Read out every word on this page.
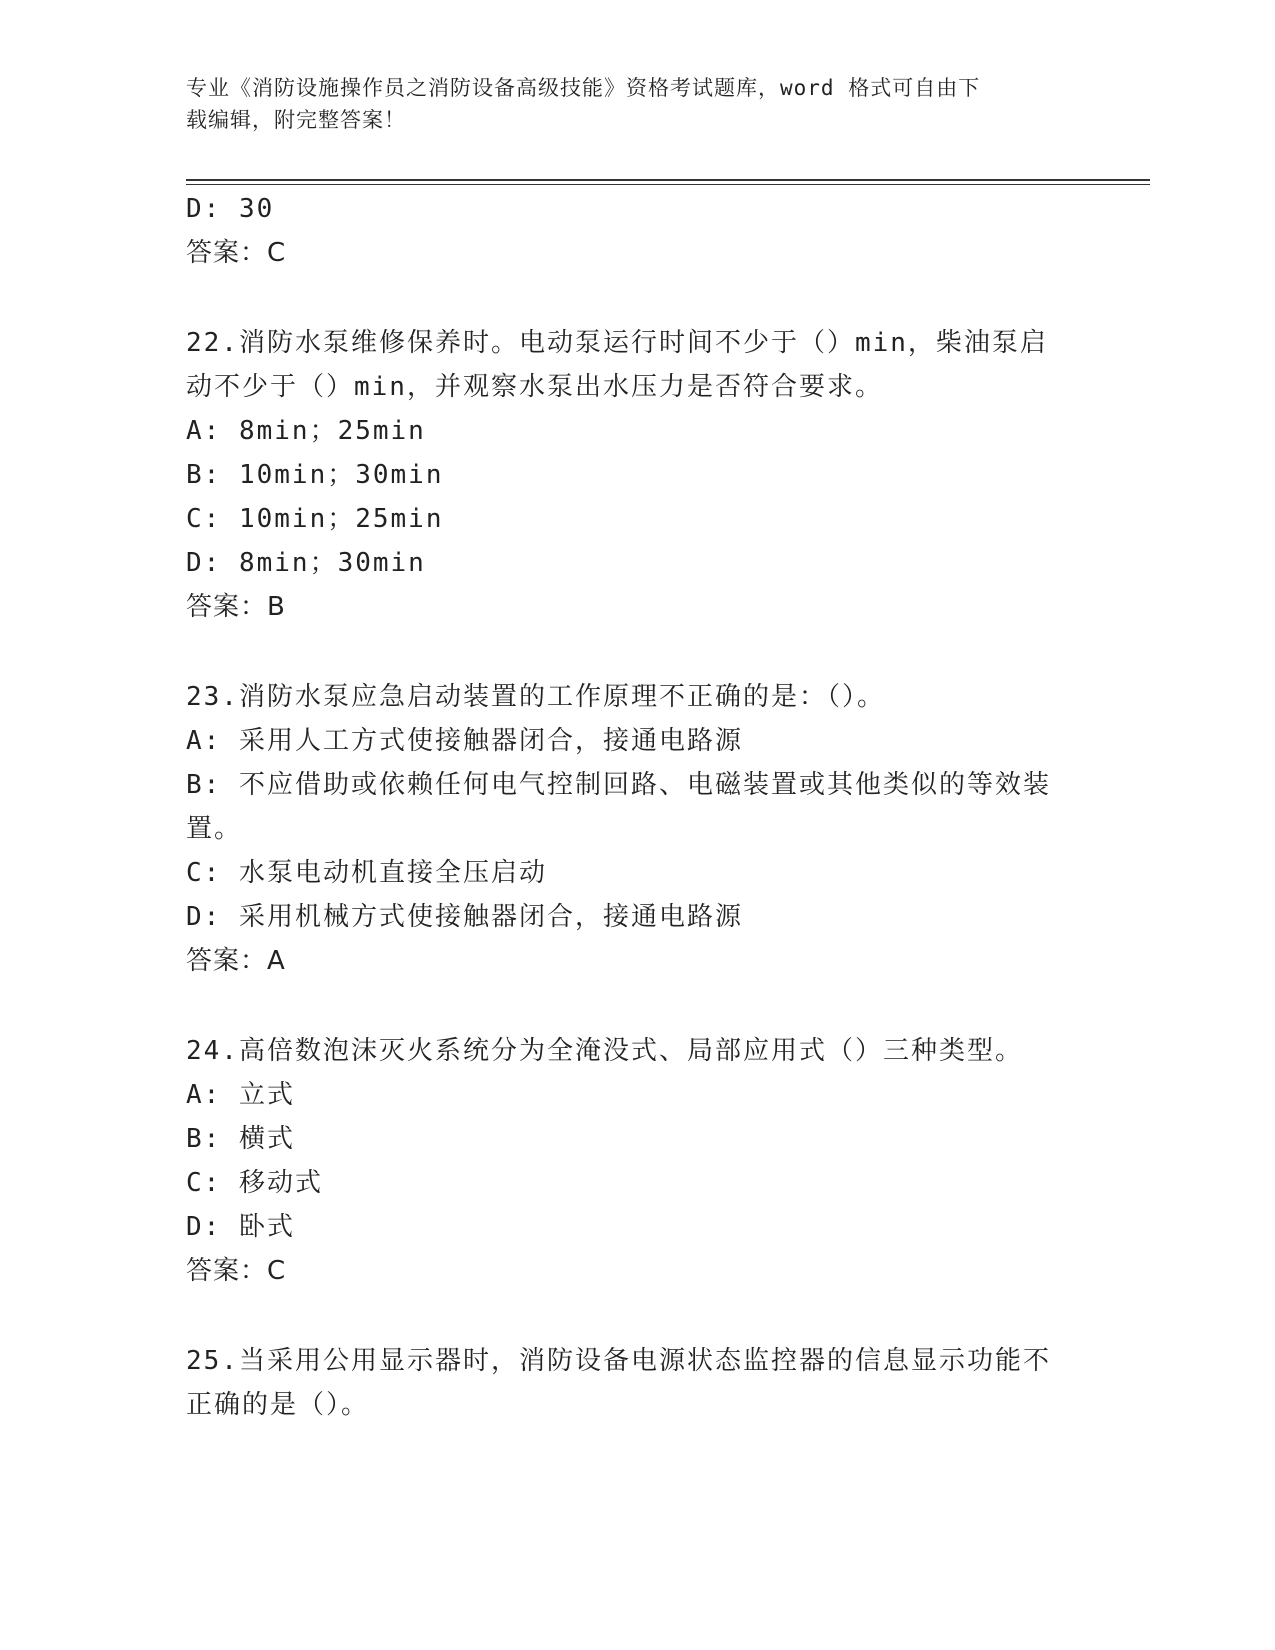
专业《消防设施操作员之消防设备高级技能》资格考试题库，word 格式可自由下
载编辑，附完整答案！
D: 30
答案：C
22.消防水泵维修保养时。电动泵运行时间不少于（）min，柴油泵启
动不少于（）min，并观察水泵出水压力是否符合要求。
A: 8min；25min
B: 10min；30min
C: 10min；25min
D: 8min；30min
答案：B
23.消防水泵应急启动装置的工作原理不正确的是：（）。
A: 采用人工方式使接触器闭合，接通电路源
B: 不应借助或依赖任何电气控制回路、电磁装置或其他类似的等效装
置。
C: 水泵电动机直接全压启动
D: 采用机械方式使接触器闭合，接通电路源
答案：A
24.高倍数泡沫灭火系统分为全淹没式、局部应用式（）三种类型。
A: 立式
B: 横式
C: 移动式
D: 卧式
答案：C
25.当采用公用显示器时，消防设备电源状态监控器的信息显示功能不
正确的是（）。
